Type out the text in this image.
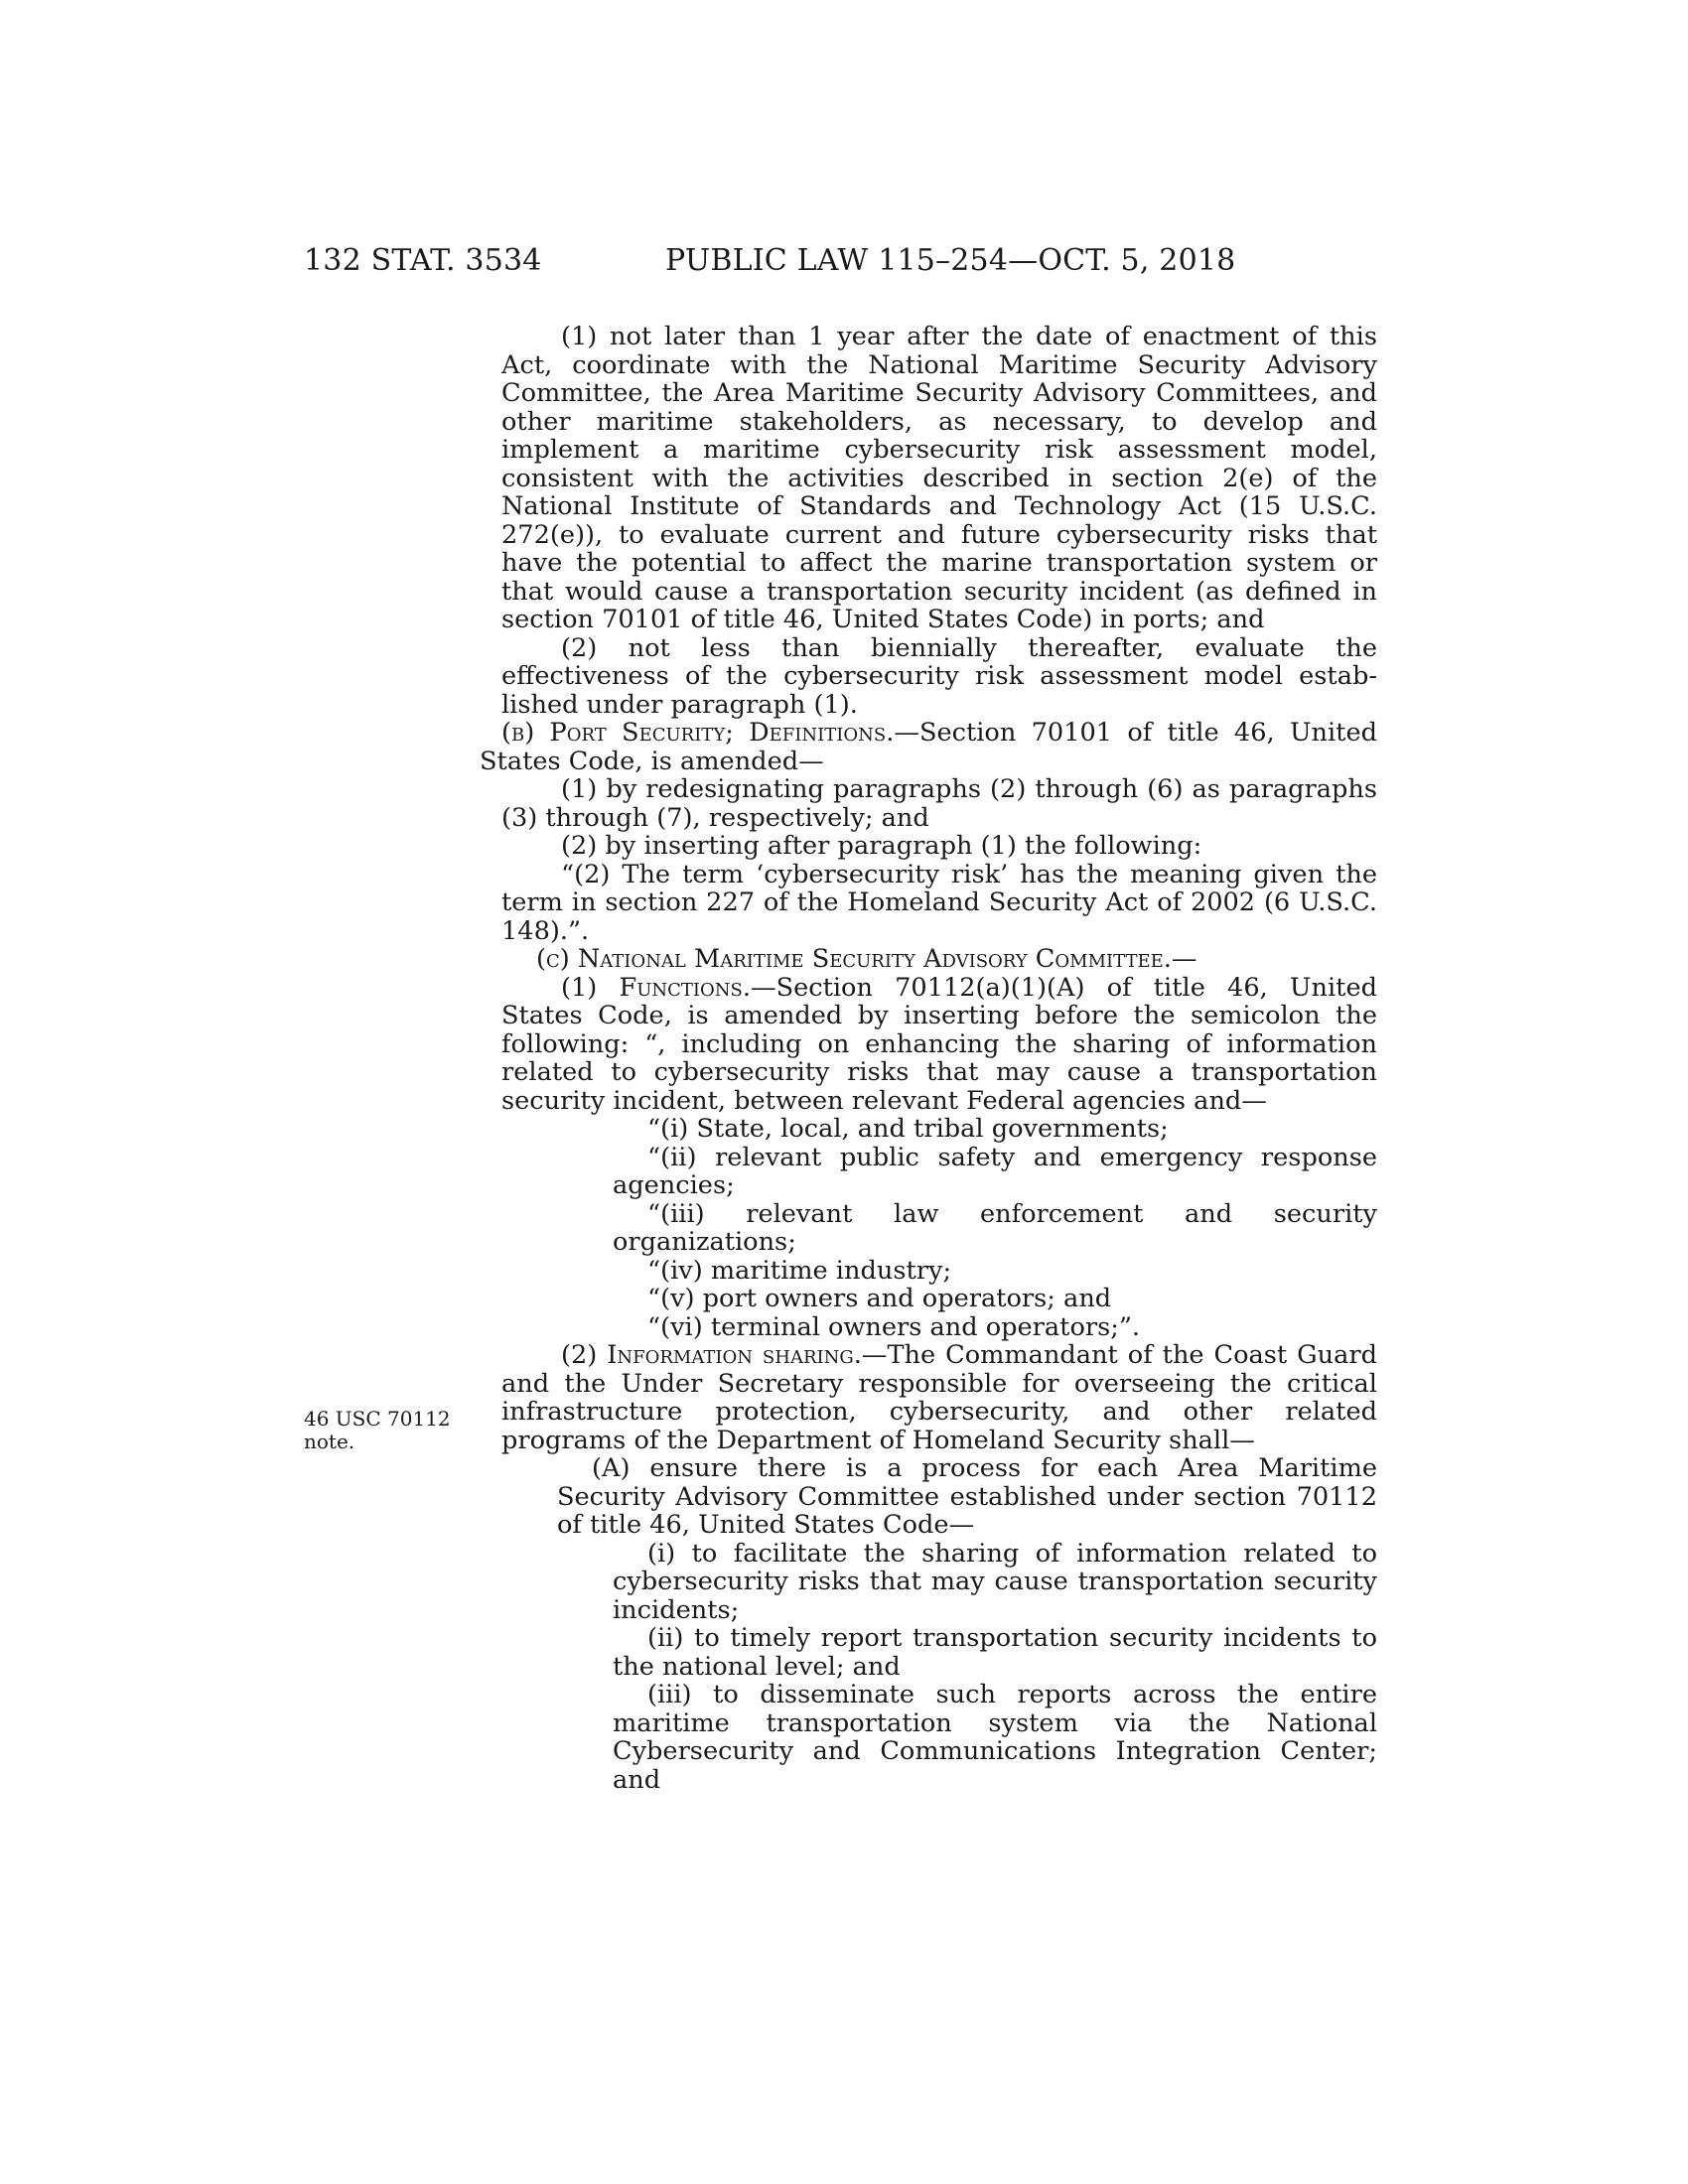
132 STAT. 3534	PUBLIC LAW 115–254—OCT. 5, 2018
46 USC 70112
note.

(1) not later than 1 year after the date of enactment of this Act, coordinate with the National Maritime Security Advisory Committee, the Area Maritime Security Advisory Committees, and other maritime stakeholders, as necessary, to develop and implement a maritime cybersecurity risk assessment model, consistent with the activities described in section 2(e) of the National Institute of Standards and Technology Act (15 U.S.C. 272(e)), to evaluate current and future cybersecurity risks that have the potential to affect the marine transportation system or that would cause a transportation security incident (as defined in section 70101 of title 46, United States Code) in ports; and

(2) not less than biennially thereafter, evaluate the effectiveness of the cybersecurity risk assessment model established under paragraph (1).

(b) Port Security; Definitions.—Section 70101 of title 46, United States Code, is amended—

(1) by redesignating paragraphs (2) through (6) as paragraphs (3) through (7), respectively; and

(2) by inserting after paragraph (1) the following:

“(2) The term ‘cybersecurity risk’ has the meaning given the term in section 227 of the Homeland Security Act of 2002 (6 U.S.C. 148).”.

(c) National Maritime Security Advisory Committee.—

(1) Functions.—Section 70112(a)(1)(A) of title 46, United States Code, is amended by inserting before the semicolon the following: “, including on enhancing the sharing of information related to cybersecurity risks that may cause a transportation security incident, between relevant Federal agencies and—

“(i) State, local, and tribal governments;

“(ii) relevant public safety and emergency response agencies;

“(iii) relevant law enforcement and security organizations;

“(iv) maritime industry;

“(v) port owners and operators; and

“(vi) terminal owners and operators;”.

(2) Information sharing.—The Commandant of the Coast Guard and the Under Secretary responsible for overseeing the critical infrastructure protection, cybersecurity, and other related programs of the Department of Homeland Security shall—

(A) ensure there is a process for each Area Maritime Security Advisory Committee established under section 70112 of title 46, United States Code—

(i) to facilitate the sharing of information related to cybersecurity risks that may cause transportation security incidents;

(ii) to timely report transportation security incidents to the national level; and

(iii) to disseminate such reports across the entire maritime transportation system via the National Cybersecurity and Communications Integration Center; and
